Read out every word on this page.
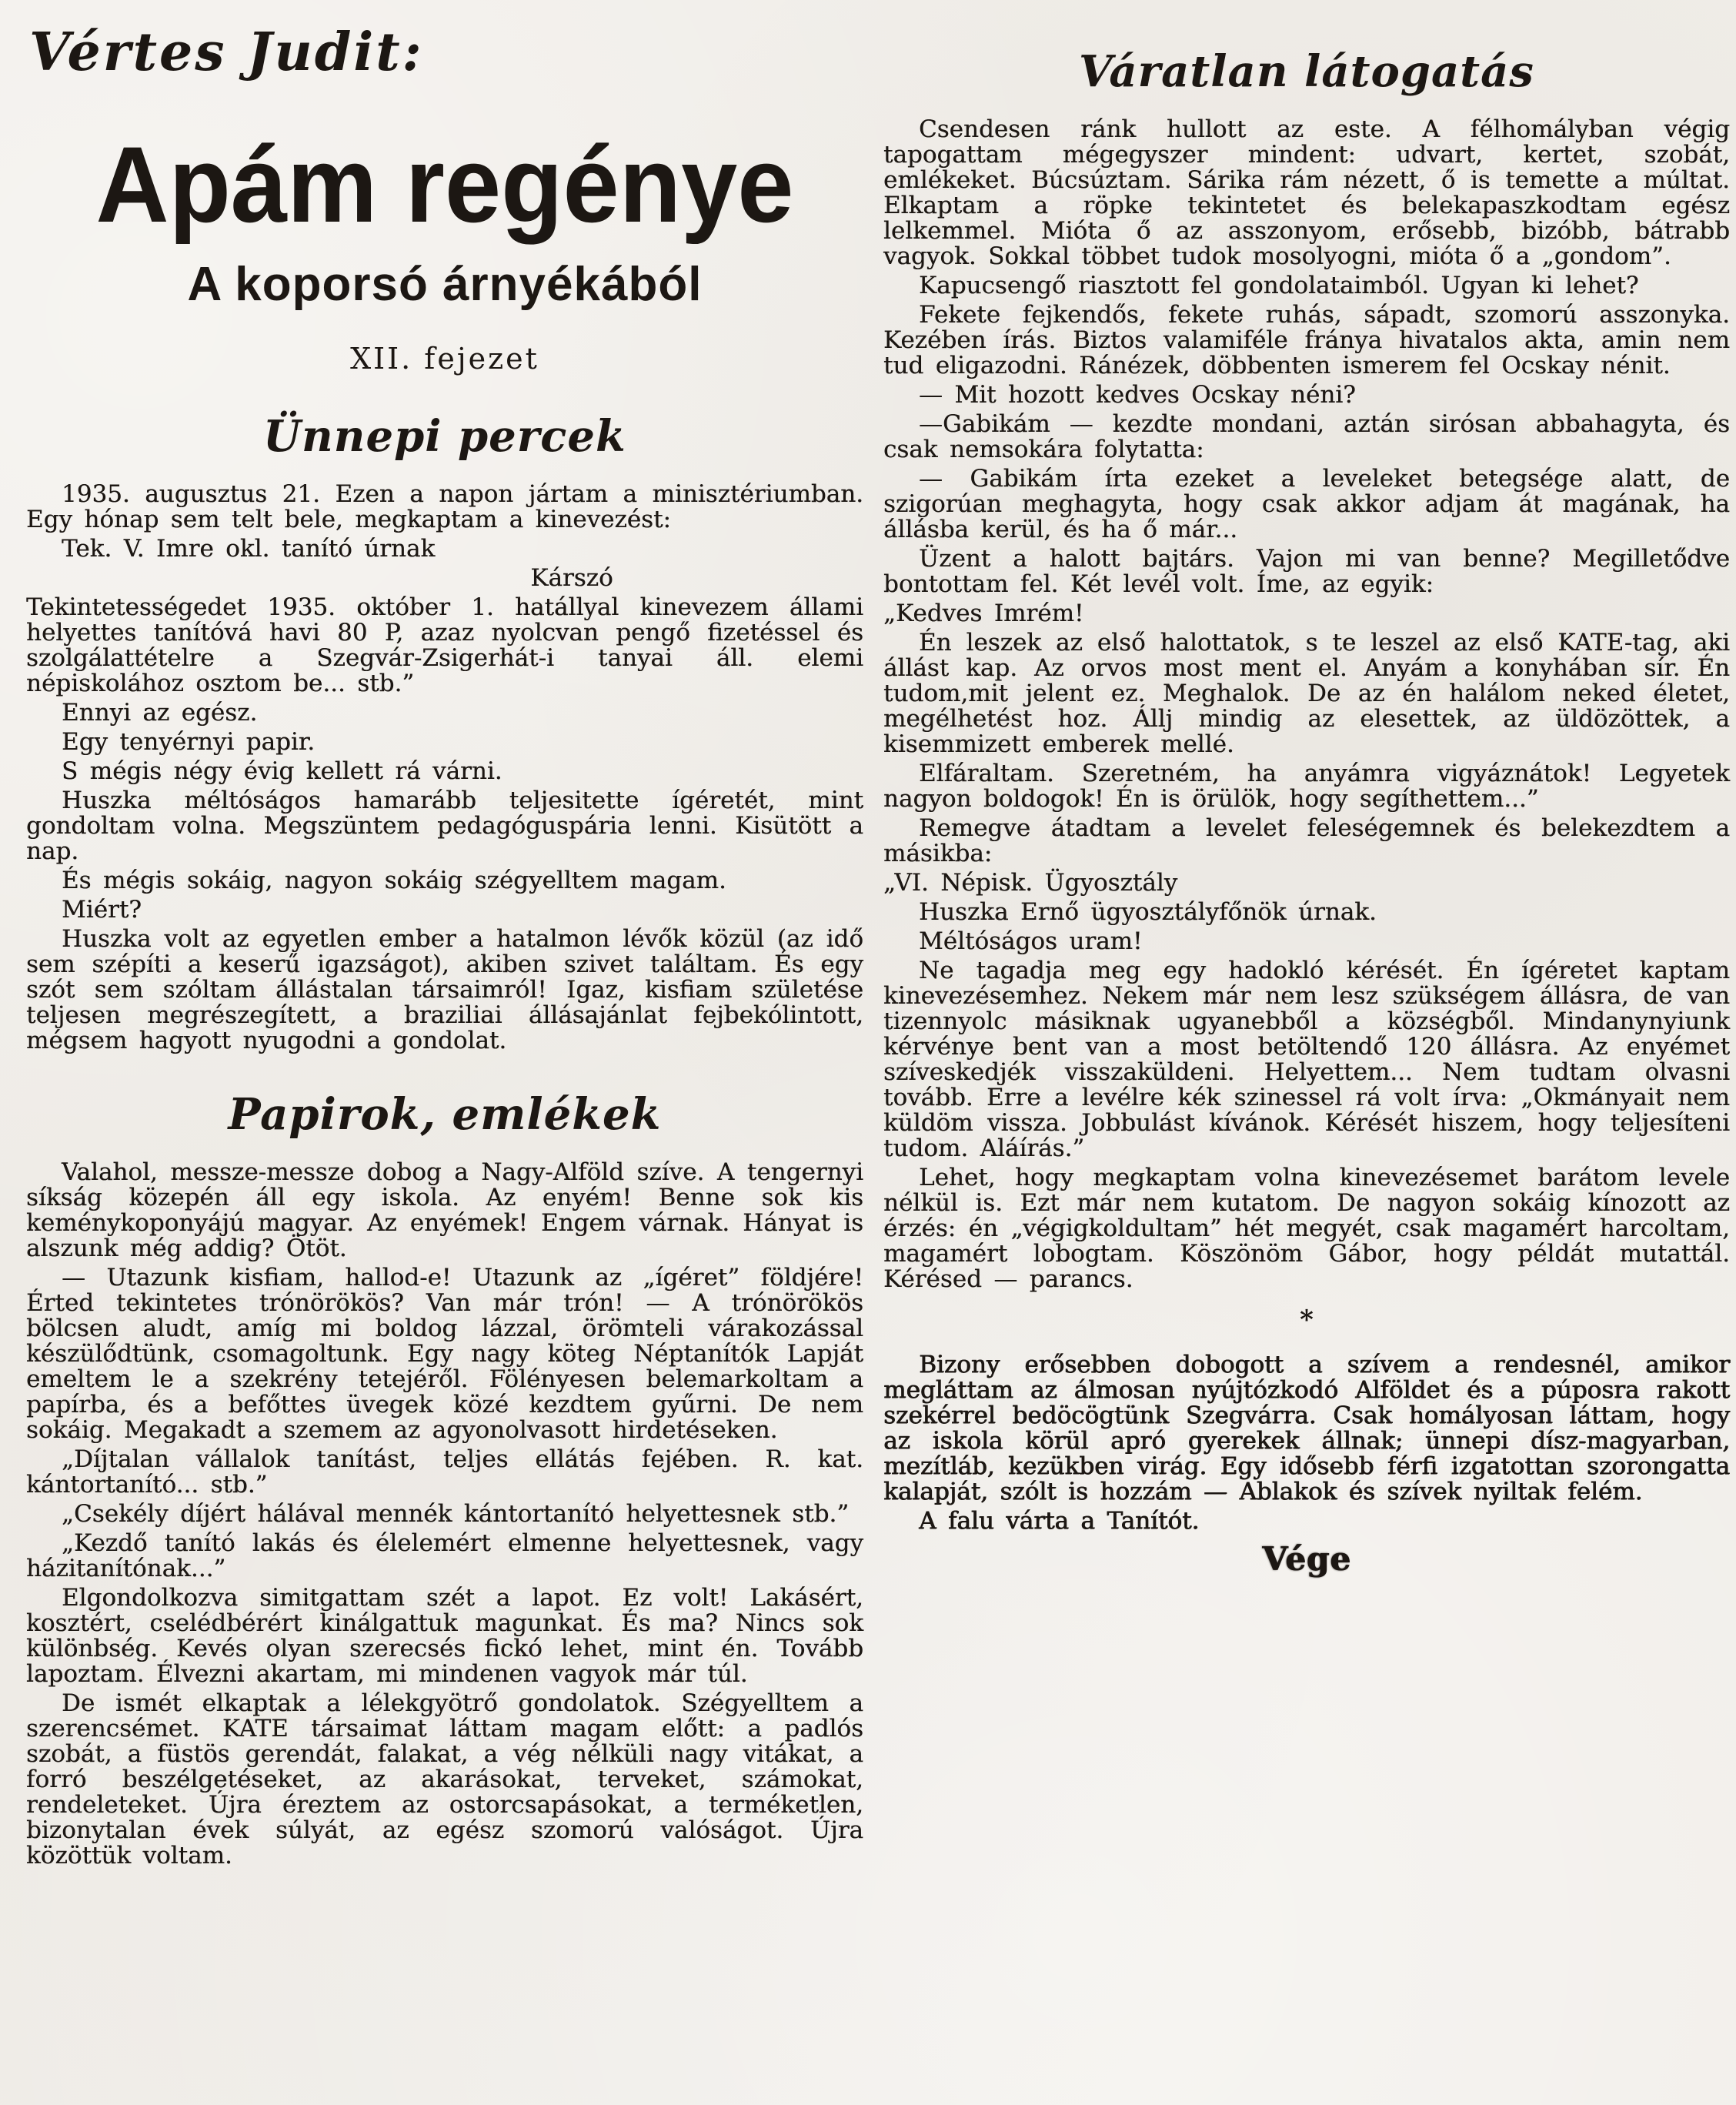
Vértes Judit:
Apám regénye
A koporsó árnyékából
XII. fejezet
Ünnepi percek

1935. augusztus 21. Ezen a napon jártam a minisztériumban. Egy hónap sem telt bele, megkaptam a kinevezést:

Tek. V. Imre okl. tanító úrnak

Kárszó

Tekintetességedet 1935. október 1. hatállyal kinevezem állami helyettes tanítóvá havi 80 P, azaz nyolcvan pengő fizetéssel és szolgálattételre a Szegvár-Zsigerhát-i tanyai áll. elemi népiskolához osztom be... stb.”

Ennyi az egész.

Egy tenyérnyi papir.

S mégis négy évig kellett rá várni.

Huszka méltóságos hamarább teljesitette ígéretét, mint gondoltam volna. Megszüntem pedagóguspária lenni. Kisütött a nap.

És mégis sokáig, nagyon sokáig szégyelltem magam.

Miért?

Huszka volt az egyetlen ember a hatalmon lévők közül (az idő sem szépíti a keserű igazságot), akiben szivet találtam. És egy szót sem szóltam állástalan társaimról! Igaz, kisfiam születése teljesen megrészegített, a braziliai állásajánlat fejbekólintott, mégsem hagyott nyugodni a gondolat.

Papirok, emlékek

Valahol, messze-messze dobog a Nagy-Alföld szíve. A tengernyi síkság közepén áll egy iskola. Az enyém! Benne sok kis keménykoponyájú magyar. Az enyémek! Engem várnak. Hányat is alszunk még addig? Ötöt.

— Utazunk kisfiam, hallod-e! Utazunk az „ígéret” földjére! Érted tekintetes trónörökös? Van már trón! — A trónörökös bölcsen aludt, amíg mi boldog lázzal, örömteli várakozással készülődtünk, csomagoltunk. Egy nagy köteg Néptanítók Lapját emeltem le a szekrény tetejéről. Fölényesen belemarkoltam a papírba, és a befőttes üvegek közé kezdtem gyűrni. De nem sokáig. Megakadt a szemem az agyonolvasott hirdetéseken.

„Díjtalan vállalok tanítást, teljes ellátás fejében. R. kat. kántortanító... stb.”

„Csekély díjért hálával mennék kántortanító helyettesnek stb.”

„Kezdő tanító lakás és élelemért elmenne helyettesnek, vagy házitanítónak...”

Elgondolkozva simitgattam szét a lapot. Ez volt! Lakásért, kosztért, cselédbérért kinálgattuk magunkat. És ma? Nincs sok különbség. Kevés olyan szerecsés fickó lehet, mint én. Tovább lapoztam. Élvezni akartam, mi mindenen vagyok már túl.

De ismét elkaptak a lélekgyötrő gondolatok. Szégyelltem a szerencsémet. KATE társaimat láttam magam előtt: a padlós szobát, a füstös gerendát, falakat, a vég nélküli nagy vitákat, a forró beszélgetéseket, az akarásokat, terveket, számokat, rendeleteket. Újra éreztem az ostorcsapásokat, a terméketlen, bizonytalan évek súlyát, az egész szomorú valóságot. Újra közöttük voltam.

Váratlan látogatás

Csendesen ránk hullott az este. A félhomályban végig tapogattam mégegyszer mindent: udvart, kertet, szobát, emlékeket. Búcsúztam. Sárika rám nézett, ő is temette a múltat. Elkaptam a röpke tekintetet és belekapaszkodtam egész lelkemmel. Mióta ő az asszonyom, erősebb, bizóbb, bátrabb vagyok. Sokkal többet tudok mosolyogni, mióta ő a „gondom”.

Kapucsengő riasztott fel gondolataimból. Ugyan ki lehet?

Fekete fejkendős, fekete ruhás, sápadt, szomorú asszonyka. Kezében írás. Biztos valamiféle fránya hivatalos akta, amin nem tud eligazodni. Ránézek, döbbenten ismerem fel Ocskay nénit.

— Mit hozott kedves Ocskay néni?

—Gabikám — kezdte mondani, aztán sirósan abbahagyta, és csak nemsokára folytatta:

— Gabikám írta ezeket a leveleket betegsége alatt, de szigorúan meghagyta, hogy csak akkor adjam át magának, ha állásba kerül, és ha ő már...

Üzent a halott bajtárs. Vajon mi van benne? Megilletődve bontottam fel. Két levél volt. Íme, az egyik:

„Kedves Imrém!

Én leszek az első halottatok, s te leszel az első KATE-tag, aki állást kap. Az orvos most ment el. Anyám a konyhában sír. Én tudom,mit jelent ez. Meghalok. De az én halálom neked életet, megélhetést hoz. Állj mindig az elesettek, az üldözöttek, a kisemmizett emberek mellé.

Elfáraltam. Szeretném, ha anyámra vigyáznátok! Legyetek nagyon boldogok! Én is örülök, hogy segíthettem...”

Remegve átadtam a levelet feleségemnek és belekezdtem a másikba:

„VI. Népisk. Ügyosztály

Huszka Ernő ügyosztályfőnök úrnak.

Méltóságos uram!

Ne tagadja meg egy hadokló kérését. Én ígéretet kaptam kinevezésemhez. Nekem már nem lesz szükségem állásra, de van tizennyolc másiknak ugyanebből a községből. Mindanynyiunk kérvénye bent van a most betöltendő 120 állásra. Az enyémet szíveskedjék visszaküldeni. Helyettem... Nem tudtam olvasni tovább. Erre a levélre kék szinessel rá volt írva: „Okmányait nem küldöm vissza. Jobbulást kívánok. Kérését hiszem, hogy teljesíteni tudom. Aláírás.”

Lehet, hogy megkaptam volna kinevezésemet barátom levele nélkül is. Ezt már nem kutatom. De nagyon sokáig kínozott az érzés: én „végigkoldultam” hét megyét, csak magamért harcoltam, magamért lobogtam. Köszönöm Gábor, hogy példát mutattál. Kérésed — parancs.

*

Bizony erősebben dobogott a szívem a rendesnél, amikor megláttam az álmosan nyújtózkodó Alföldet és a púposra rakott szekérrel bedöcögtünk Szegvárra. Csak homályosan láttam, hogy az iskola körül apró gyerekek állnak; ünnepi dísz-magyarban, mezítláb, kezükben virág. Egy idősebb férfi izgatottan szorongatta kalapját, szólt is hozzám — Ablakok és szívek nyiltak felém.

A falu várta a Tanítót.

Vége
